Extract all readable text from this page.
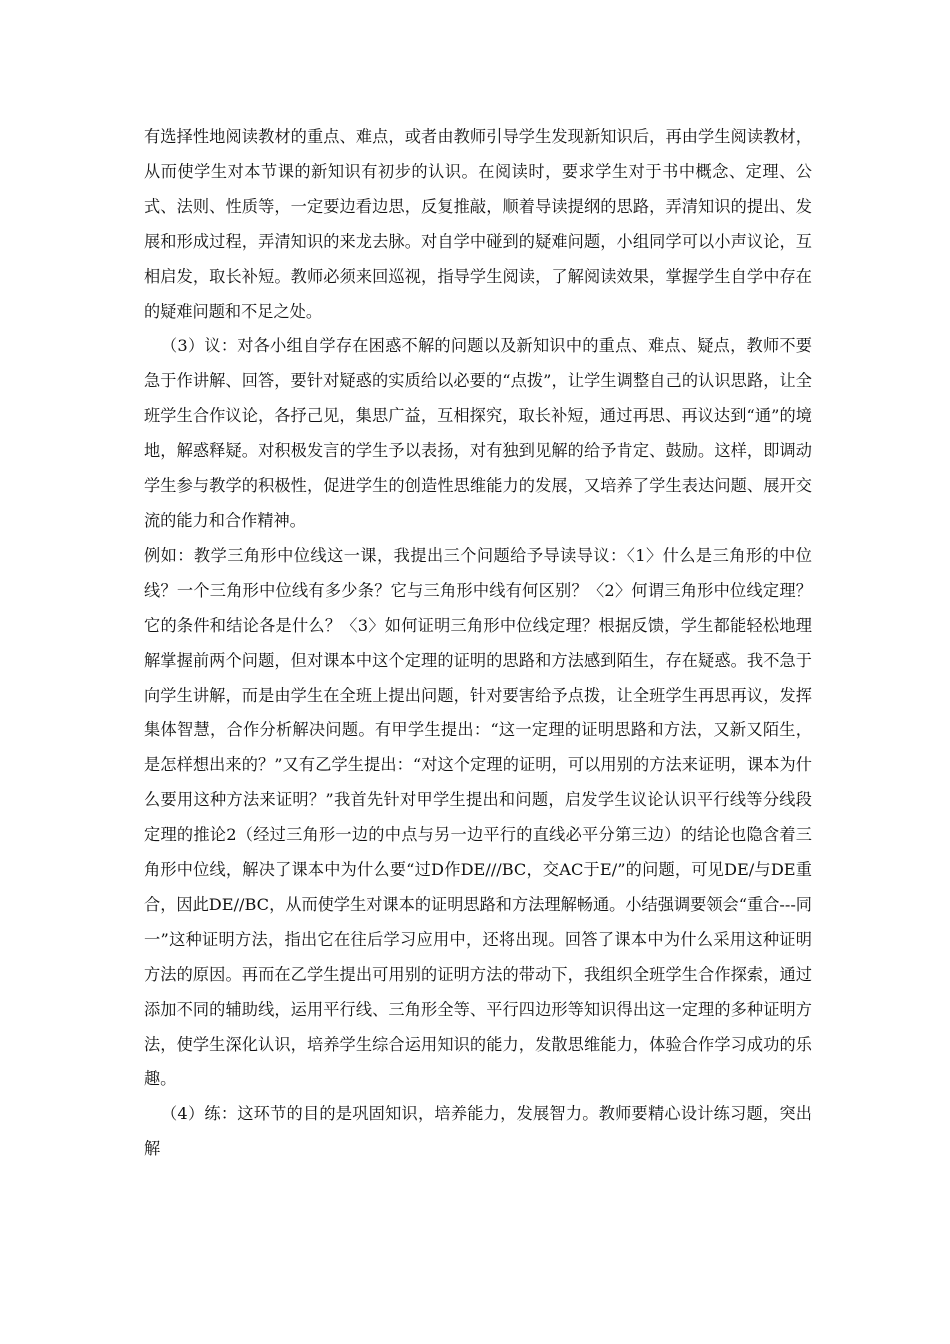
有选择性地阅读教材的重点、难点，或者由教师引导学生发现新知识后，再由学生阅读教材，从而使学生对本节课的新知识有初步的认识。在阅读时，要求学生对于书中概念、定理、公式、法则、性质等，一定要边看边思，反复推敲，顺着导读提纲的思路，弄清知识的提出、发展和形成过程，弄清知识的来龙去脉。对自学中碰到的疑难问题，小组同学可以小声议论，互相启发，取长补短。教师必须来回巡视，指导学生阅读，了解阅读效果，掌握学生自学中存在的疑难问题和不足之处。

（3）议：对各小组自学存在困惑不解的问题以及新知识中的重点、难点、疑点，教师不要急于作讲解、回答，要针对疑惑的实质给以必要的“点拨”，让学生调整自己的认识思路，让全班学生合作议论，各抒己见，集思广益，互相探究，取长补短，通过再思、再议达到“通”的境地，解惑释疑。对积极发言的学生予以表扬，对有独到见解的给予肯定、鼓励。这样，即调动学生参与教学的积极性，促进学生的创造性思维能力的发展，又培养了学生表达问题、展开交流的能力和合作精神。

例如：教学三角形中位线这一课，我提出三个问题给予导读导议：〈1〉什么是三角形的中位线？一个三角形中位线有多少条？它与三角形中线有何区别？〈2〉何谓三角形中位线定理？它的条件和结论各是什么？〈3〉如何证明三角形中位线定理？根据反馈，学生都能轻松地理解掌握前两个问题，但对课本中这个定理的证明的思路和方法感到陌生，存在疑惑。我不急于向学生讲解，而是由学生在全班上提出问题，针对要害给予点拨，让全班学生再思再议，发挥集体智慧，合作分析解决问题。有甲学生提出：“这一定理的证明思路和方法，又新又陌生，是怎样想出来的？”又有乙学生提出：“对这个定理的证明，可以用别的方法来证明，课本为什么要用这种方法来证明？”我首先针对甲学生提出和问题，启发学生议论认识平行线等分线段定理的推论2（经过三角形一边的中点与另一边平行的直线必平分第三边）的结论也隐含着三角形中位线，解决了课本中为什么要“过D作DE///BC，交AC于E/”的问题，可见DE/与DE重合，因此DE//BC，从而使学生对课本的证明思路和方法理解畅通。小结强调要领会“重合---同一”这种证明方法，指出它在往后学习应用中，还将出现。回答了课本中为什么采用这种证明方法的原因。再而在乙学生提出可用别的证明方法的带动下，我组织全班学生合作探索，通过添加不同的辅助线，运用平行线、三角形全等、平行四边形等知识得出这一定理的多种证明方法，使学生深化认识，培养学生综合运用知识的能力，发散思维能力，体验合作学习成功的乐趣。

（4）练：这环节的目的是巩固知识，培养能力，发展智力。教师要精心设计练习题，突出解
